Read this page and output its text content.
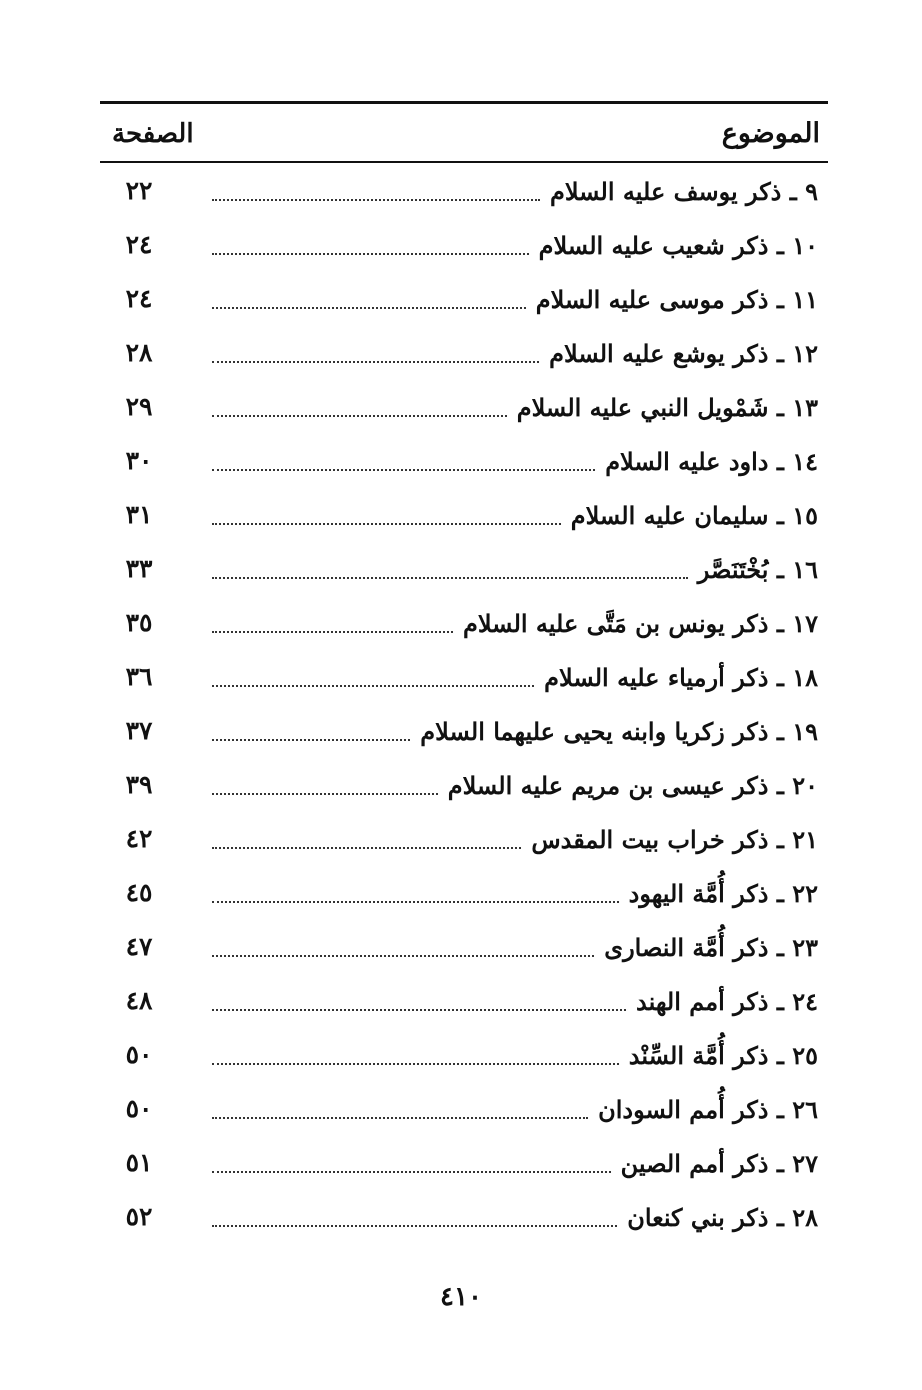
الموضوع
الصفحة
٩ ـ ذكر يوسف عليه السلام
٢٢
١٠ ـ ذكر شعيب عليه السلام
٢٤
١١ ـ ذكر موسى عليه السلام
٢٤
١٢ ـ ذكر يوشع عليه السلام
٢٨
١٣ ـ شَمْويل النبي عليه السلام
٢٩
١٤ ـ داود عليه السلام
٣٠
١٥ ـ سليمان عليه السلام
٣١
١٦ ـ بُخْتَنَصَّر
٣٣
١٧ ـ ذكر يونس بن مَتَّى عليه السلام
٣٥
١٨ ـ ذكر أرمياء عليه السلام
٣٦
١٩ ـ ذكر زكريا وابنه يحيى عليهما السلام
٣٧
٢٠ ـ ذكر عيسى بن مريم عليه السلام
٣٩
٢١ ـ ذكر خراب بيت المقدس
٤٢
٢٢ ـ ذكر أُمَّة اليهود
٤٥
٢٣ ـ ذكر أُمَّة النصارى
٤٧
٢٤ ـ ذكر أمم الهند
٤٨
٢٥ ـ ذكر أُمَّة السِّنْد
٥٠
٢٦ ـ ذكر أُمم السودان
٥٠
٢٧ ـ ذكر أمم الصين
٥١
٢٨ ـ ذكر بني كنعان
٥٢
٤١٠
